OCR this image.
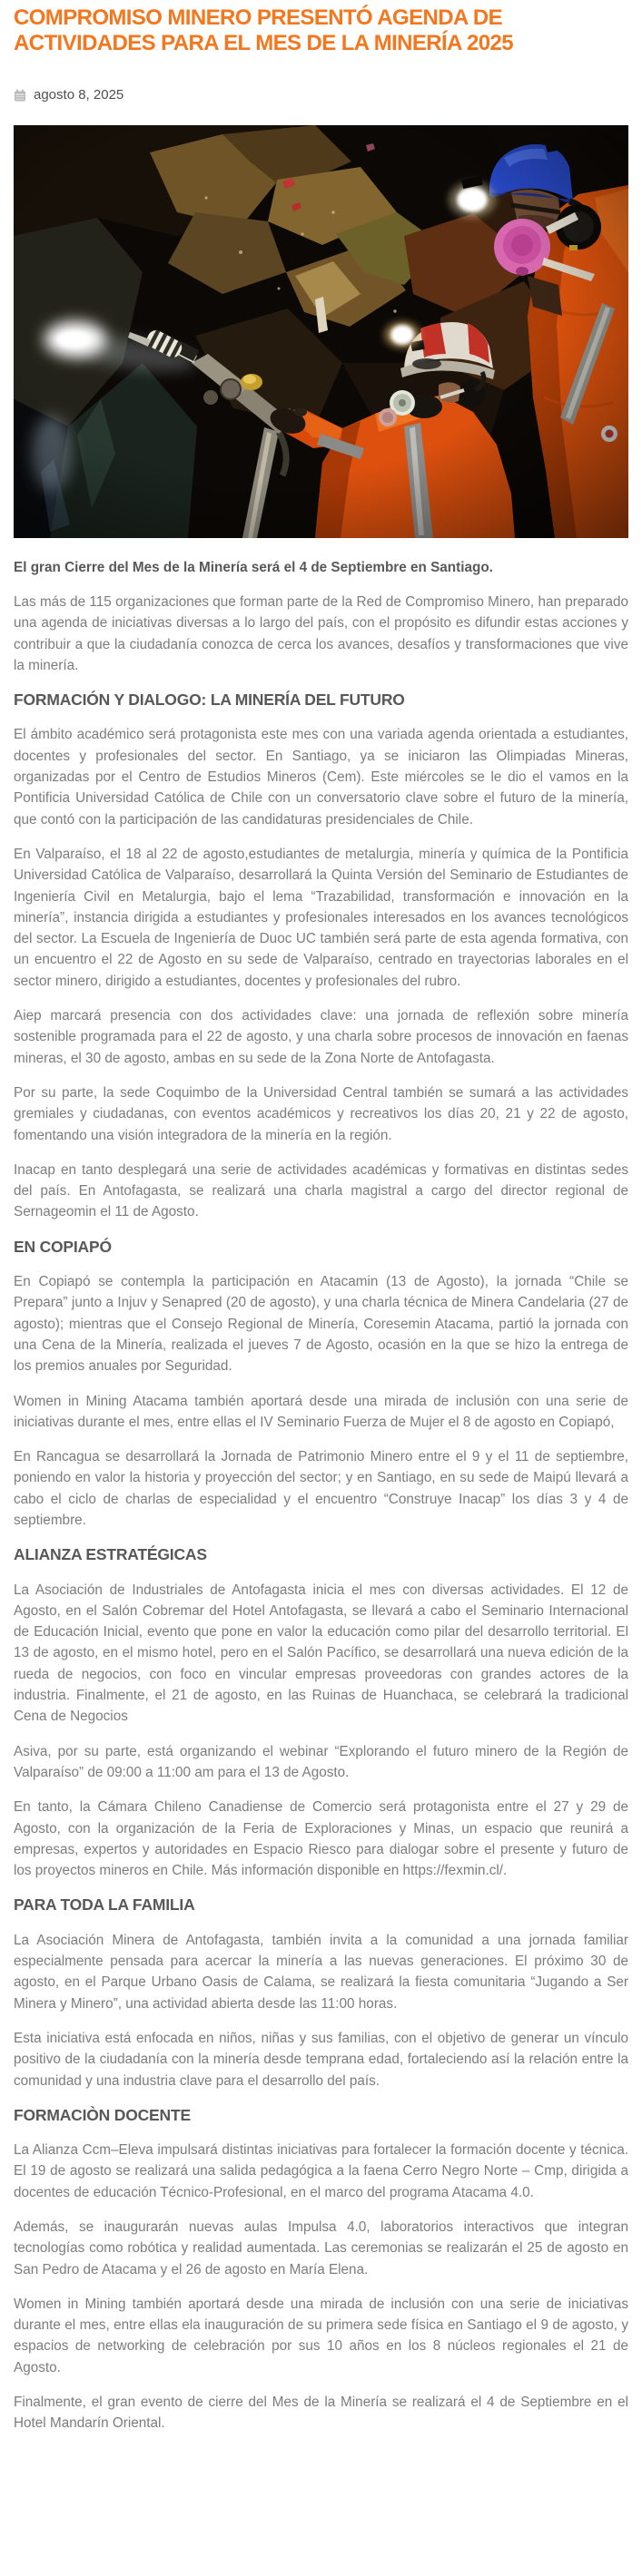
COMPROMISO MINERO PRESENTÓ AGENDA DE ACTIVIDADES PARA EL MES DE LA MINERÍA 2025
agosto 8, 2025

El gran Cierre del Mes de la Minería será el 4 de Septiembre en Santiago.

Las más de 115 organizaciones que forman parte de la Red de Compromiso Minero, han preparado una agenda de iniciativas diversas a lo largo del país, con el propósito es difundir estas acciones y contribuir a que la ciudadanía conozca de cerca los avances, desafíos y transformaciones que vive la minería.

FORMACIÓN Y DIALOGO: LA MINERÍA DEL FUTURO

El ámbito académico será protagonista este mes con una variada agenda orientada a estudiantes, docentes y profesionales del sector. En Santiago, ya se iniciaron las Olimpiadas Mineras, organizadas por el Centro de Estudios Mineros (Cem). Este miércoles se le dio el vamos en la Pontificia Universidad Católica de Chile con un conversatorio clave sobre el futuro de la minería, que contó con la participación de las candidaturas presidenciales de Chile.

En Valparaíso, el 18 al 22 de agosto,estudiantes de metalurgia, minería y química de la Pontificia Universidad Católica de Valparaíso, desarrollará la Quinta Versión del Seminario de Estudiantes de Ingeniería Civil en Metalurgia, bajo el lema “Trazabilidad, transformación e innovación en la minería”, instancia dirigida a estudiantes y profesionales interesados en los avances tecnológicos del sector. La Escuela de Ingeniería de Duoc UC también será parte de esta agenda formativa, con un encuentro el 22 de Agosto en su sede de Valparaíso, centrado en trayectorias laborales en el sector minero, dirigido a estudiantes, docentes y profesionales del rubro.

Aiep marcará presencia con dos actividades clave: una jornada de reflexión sobre minería sostenible programada para el 22 de agosto, y una charla sobre procesos de innovación en faenas mineras, el 30 de agosto, ambas en su sede de la Zona Norte de Antofagasta.

Por su parte, la sede Coquimbo de la Universidad Central también se sumará a las actividades gremiales y ciudadanas, con eventos académicos y recreativos los días 20, 21 y 22 de agosto, fomentando una visión integradora de la minería en la región.

Inacap en tanto desplegará una serie de actividades académicas y formativas en distintas sedes del país. En Antofagasta, se realizará una charla magistral a cargo del director regional de Sernageomin el 11 de Agosto.

EN COPIAPÓ

En Copiapó se contempla la participación en Atacamin (13 de Agosto), la jornada “Chile se Prepara” junto a Injuv y Senapred (20 de agosto), y una charla técnica de Minera Candelaria (27 de agosto); mientras que el Consejo Regional de Minería, Coresemin Atacama, partió la jornada con una Cena de la Minería, realizada el jueves 7 de Agosto, ocasión en la que se hizo la entrega de los premios anuales por Seguridad.

Women in Mining Atacama también aportará desde una mirada de inclusión con una serie de iniciativas durante el mes, entre ellas el IV Seminario Fuerza de Mujer el 8 de agosto en Copiapó,

En Rancagua se desarrollará la Jornada de Patrimonio Minero entre el 9 y el 11 de septiembre, poniendo en valor la historia y proyección del sector; y en Santiago, en su sede de Maipú llevará a cabo el ciclo de charlas de especialidad y el encuentro “Construye Inacap” los días 3 y 4 de septiembre.

ALIANZA ESTRATÉGICAS

La Asociación de Industriales de Antofagasta inicia el mes con diversas actividades. El 12 de Agosto, en el Salón Cobremar del Hotel Antofagasta, se llevará a cabo el Seminario Internacional de Educación Inicial, evento que pone en valor la educación como pilar del desarrollo territorial. El 13 de agosto, en el mismo hotel, pero en el Salón Pacífico, se desarrollará una nueva edición de la rueda de negocios, con foco en vincular empresas proveedoras con grandes actores de la industria. Finalmente, el 21 de agosto, en las Ruinas de Huanchaca, se celebrará la tradicional Cena de Negocios

Asiva, por su parte, está organizando el webinar “Explorando el futuro minero de la Región de Valparaíso” de 09:00 a 11:00 am para el 13 de Agosto.

En tanto, la Cámara Chileno Canadiense de Comercio será protagonista entre el 27 y 29 de Agosto, con la organización de la Feria de Exploraciones y Minas, un espacio que reunirá a empresas, expertos y autoridades en Espacio Riesco para dialogar sobre el presente y futuro de los proyectos mineros en Chile. Más información disponible en https://fexmin.cl/.

PARA TODA LA FAMILIA

La Asociación Minera de Antofagasta, también invita a la comunidad a una jornada familiar especialmente pensada para acercar la minería a las nuevas generaciones. El próximo 30 de agosto, en el Parque Urbano Oasis de Calama, se realizará la fiesta comunitaria “Jugando a Ser Minera y Minero”, una actividad abierta desde las 11:00 horas.

Esta iniciativa está enfocada en niños, niñas y sus familias, con el objetivo de generar un vínculo positivo de la ciudadanía con la minería desde temprana edad, fortaleciendo así la relación entre la comunidad y una industria clave para el desarrollo del país.

FORMACIÒN DOCENTE

La Alianza Ccm–Eleva impulsará distintas iniciativas para fortalecer la formación docente y técnica. El 19 de agosto se realizará una salida pedagógica a la faena Cerro Negro Norte – Cmp, dirigida a docentes de educación Técnico-Profesional, en el marco del programa Atacama 4.0.

Además, se inaugurarán nuevas aulas Impulsa 4.0, laboratorios interactivos que integran tecnologías como robótica y realidad aumentada. Las ceremonias se realizarán el 25 de agosto en San Pedro de Atacama y el 26 de agosto en María Elena.

Women in Mining también aportará desde una mirada de inclusión con una serie de iniciativas durante el mes, entre ellas ela inauguración de su primera sede física en Santiago el 9 de agosto, y espacios de networking de celebración por sus 10 años en los 8 núcleos regionales el 21 de Agosto.

Finalmente, el gran evento de cierre del Mes de la Minería se realizará el 4 de Septiembre en el Hotel Mandarín Oriental.
